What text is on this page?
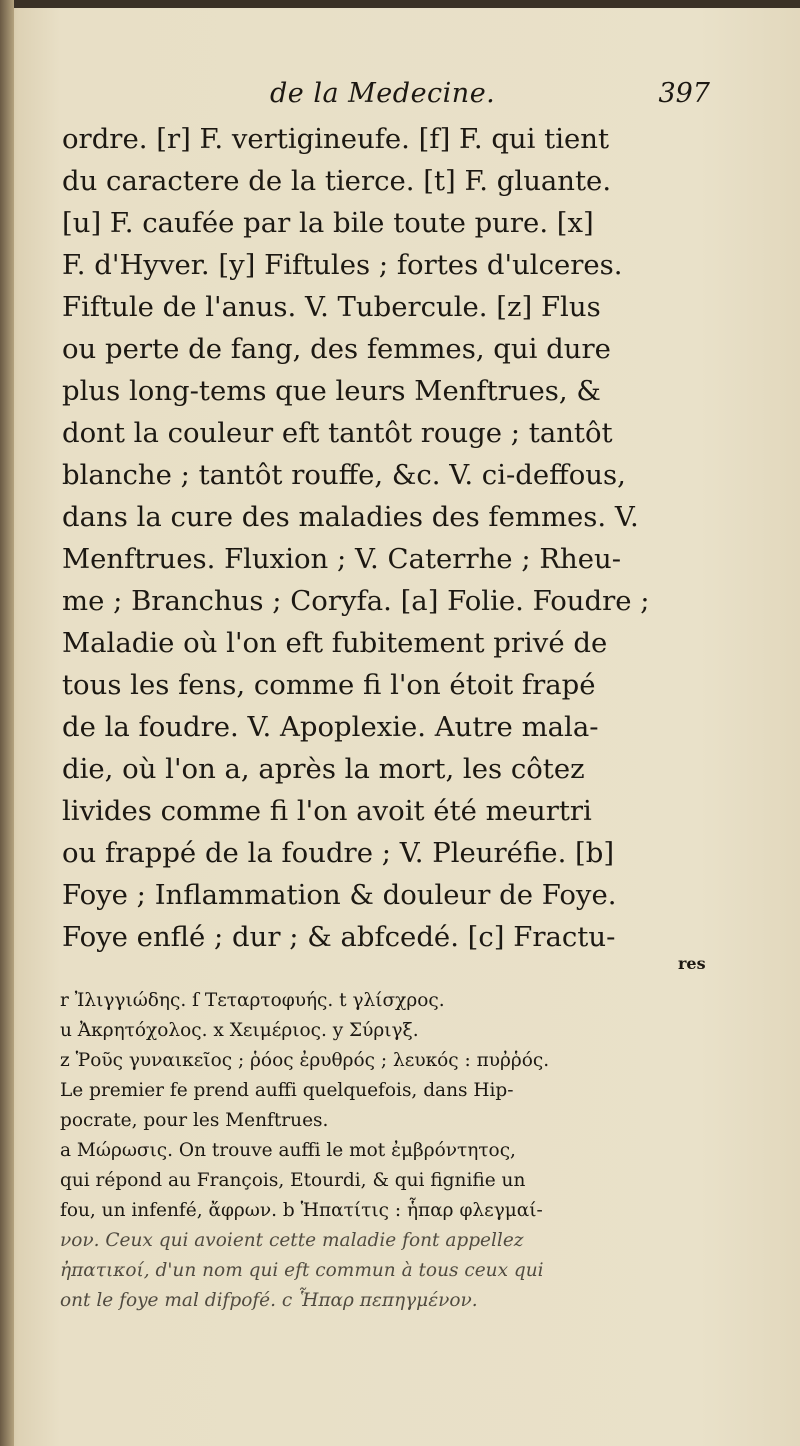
de la Medecine.	397
ordre. [r] F. vertigineufe. [f] F. qui tient
du caractere de la tierce. [t] F. gluante.
[u] F. caufée par la bile toute pure. [x]
F. d'Hyver. [y] Fiftules ; fortes d'ulceres.
Fiftule de l'anus. V. Tubercule. [z] Flus
ou perte de fang, des femmes, qui dure
plus long-tems que leurs Menftrues, &
dont la couleur eft tantôt rouge ; tantôt
blanche ; tantôt rouffe, &c. V. ci-deffous,
dans la cure des maladies des femmes. V.
Menftrues. Fluxion ; V. Caterrhe ; Rheu-
me ; Branchus ; Coryfa. [a] Folie. Foudre ;
Maladie où l'on eft fubitement privé de
tous les fens, comme fi l'on étoit frapé
de la foudre. V. Apoplexie. Autre mala-
die, où l'on a, après la mort, les côtez
livides comme fi l'on avoit été meurtri
ou frappé de la foudre ; V. Pleuréfie. [b]
Foye ; Inflammation & douleur de Foye.
Foye enflé ; dur ; & abfcedé. [c] Fractu-
res
r Ἰλιγγιώδης. ſ Τεταρτοφυής. t γλίσχρος.
u Ἀκρητόχολος. x Χειμέριος. y Σύριγξ.
z Ῥοῦς γυναικεῖος ; ῥόος ἐρυθρός ; λευκός : πυῤῥός.
Le premier fe prend auffi quelquefois, dans Hip-
pocrate, pour les Menftrues.
a Μώρωσις. On trouve auffi le mot ἐμβρόντητος,
qui répond au François, Etourdi, & qui fignifie un
fou, un infenfé, ἄφρων. b Ἡπατίτις : ἧπαρ φλεγμαί-
νον. Ceux qui avoient cette maladie font appellez
ἠπατικοί, d'un nom qui eft commun à tous ceux qui
ont le foye mal difpofé. c Ἧπαρ πεπηγμένον.
